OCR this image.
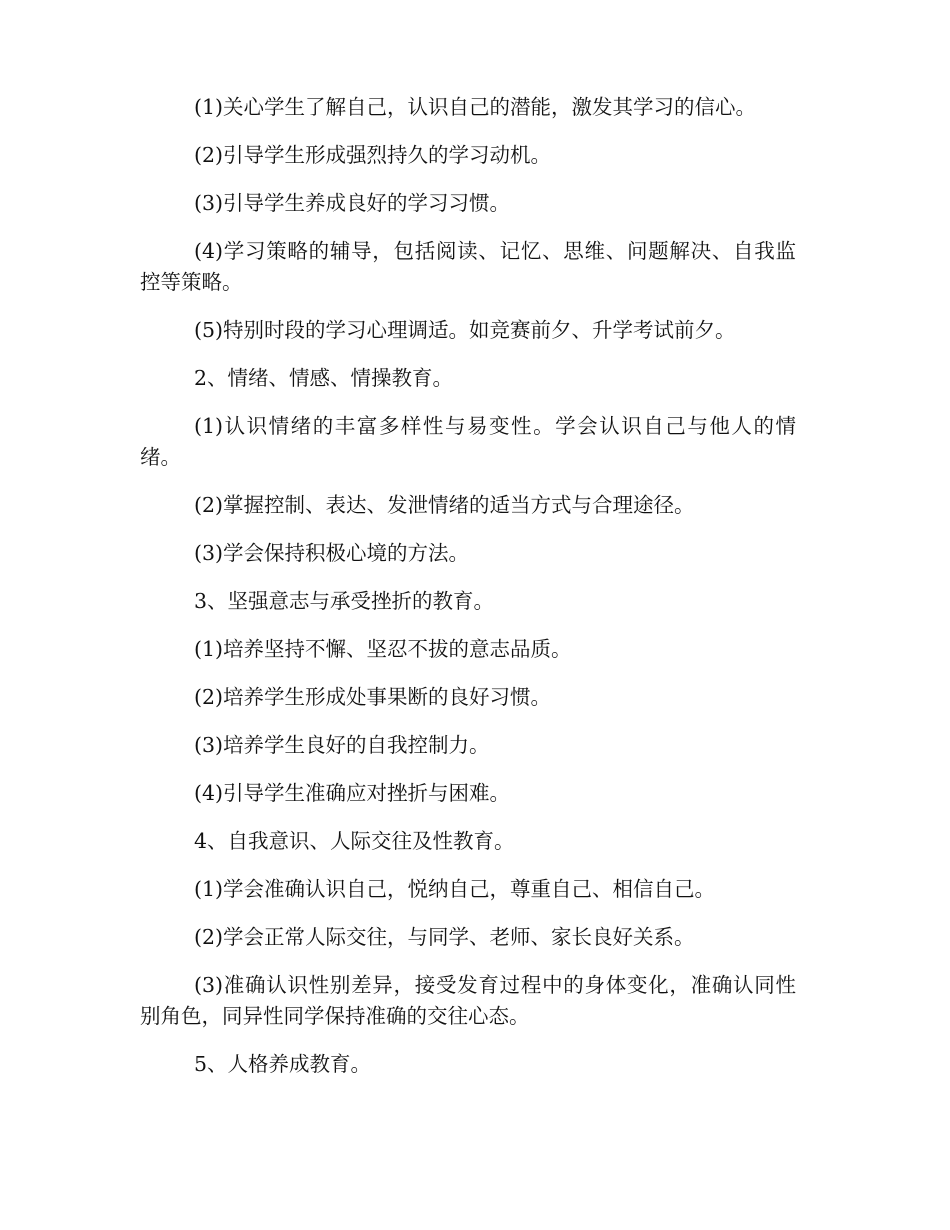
(1)关心学生了解自己，认识自己的潜能，激发其学习的信心。

(2)引导学生形成强烈持久的学习动机。

(3)引导学生养成良好的学习习惯。

(4)学习策略的辅导，包括阅读、记忆、思维、问题解决、自我监控等策略。

(5)特别时段的学习心理调适。如竞赛前夕、升学考试前夕。

2、情绪、情感、情操教育。

(1)认识情绪的丰富多样性与易变性。学会认识自己与他人的情绪。

(2)掌握控制、表达、发泄情绪的适当方式与合理途径。

(3)学会保持积极心境的方法。

3、坚强意志与承受挫折的教育。

(1)培养坚持不懈、坚忍不拔的意志品质。

(2)培养学生形成处事果断的良好习惯。

(3)培养学生良好的自我控制力。

(4)引导学生准确应对挫折与困难。

4、自我意识、人际交往及性教育。

(1)学会准确认识自己，悦纳自己，尊重自己、相信自己。

(2)学会正常人际交往，与同学、老师、家长良好关系。

(3)准确认识性别差异，接受发育过程中的身体变化，准确认同性别角色，同异性同学保持准确的交往心态。

5、人格养成教育。
